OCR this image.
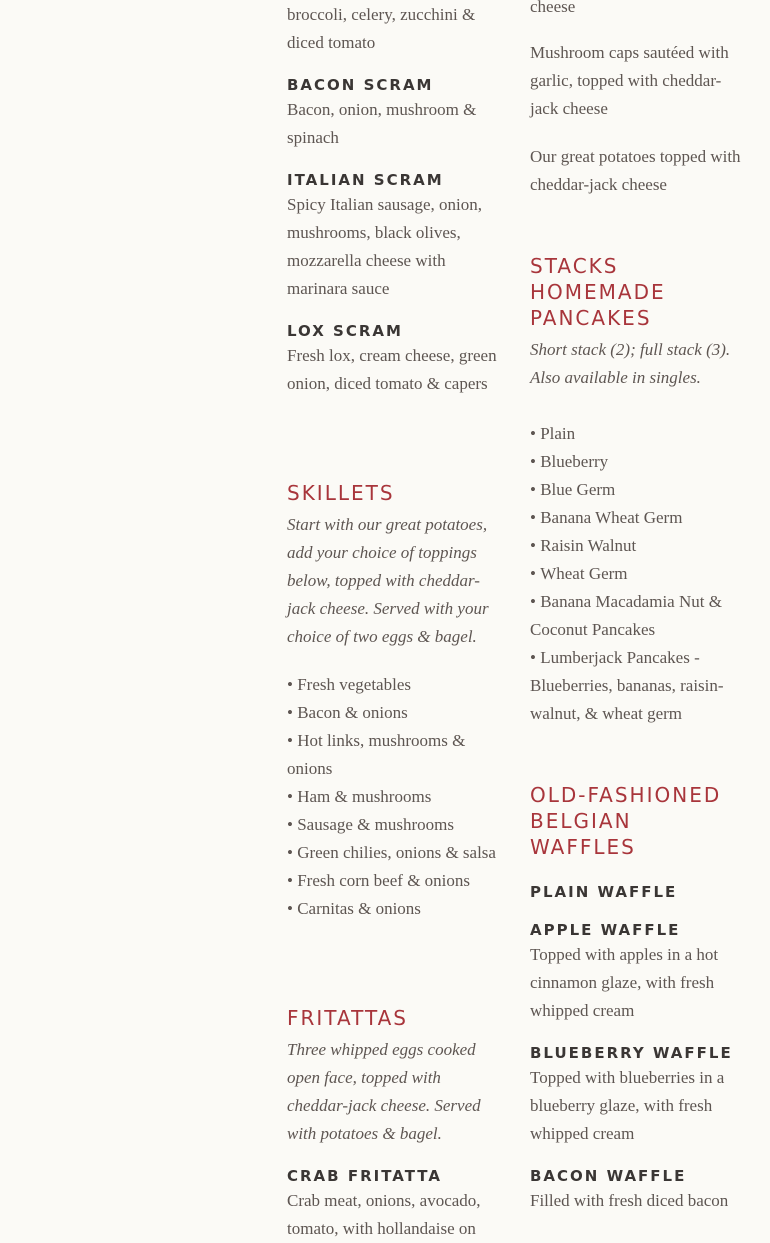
broccoli, celery, zucchini & diced tomato
BACON SCRAM
Bacon, onion, mushroom & spinach
ITALIAN SCRAM
Spicy Italian sausage, onion, mushrooms, black olives, mozzarella cheese with marinara sauce
LOX SCRAM
Fresh lox, cream cheese, green onion, diced tomato & capers
SKILLETS
Start with our great potatoes, add your choice of toppings below, topped with cheddar-jack cheese. Served with your choice of two eggs & bagel.
• Fresh vegetables
• Bacon & onions
• Hot links, mushrooms & onions
• Ham & mushrooms
• Sausage & mushrooms
• Green chilies, onions & salsa
• Fresh corn beef & onions
• Carnitas & onions
FRITATTAS
Three whipped eggs cooked open face, topped with cheddar-jack cheese. Served with potatoes & bagel.
CRAB FRITATTA
Crab meat, onions, avocado, tomato, with hollandaise on
cheese
Mushroom caps sautéed with garlic, topped with cheddar-jack cheese
Our great potatoes topped with cheddar-jack cheese
STACKS
HOMEMADE
PANCAKES
Short stack (2); full stack (3). Also available in singles.
• Plain
• Blueberry
• Blue Germ
• Banana Wheat Germ
• Raisin Walnut
• Wheat Germ
• Banana Macadamia Nut & Coconut Pancakes
• Lumberjack Pancakes - Blueberries, bananas, raisin-walnut, & wheat germ
OLD-FASHIONED
BELGIAN
WAFFLES
PLAIN WAFFLE
APPLE WAFFLE
Topped with apples in a hot cinnamon glaze, with fresh whipped cream
BLUEBERRY WAFFLE
Topped with blueberries in a blueberry glaze, with fresh whipped cream
BACON WAFFLE
Filled with fresh diced bacon
